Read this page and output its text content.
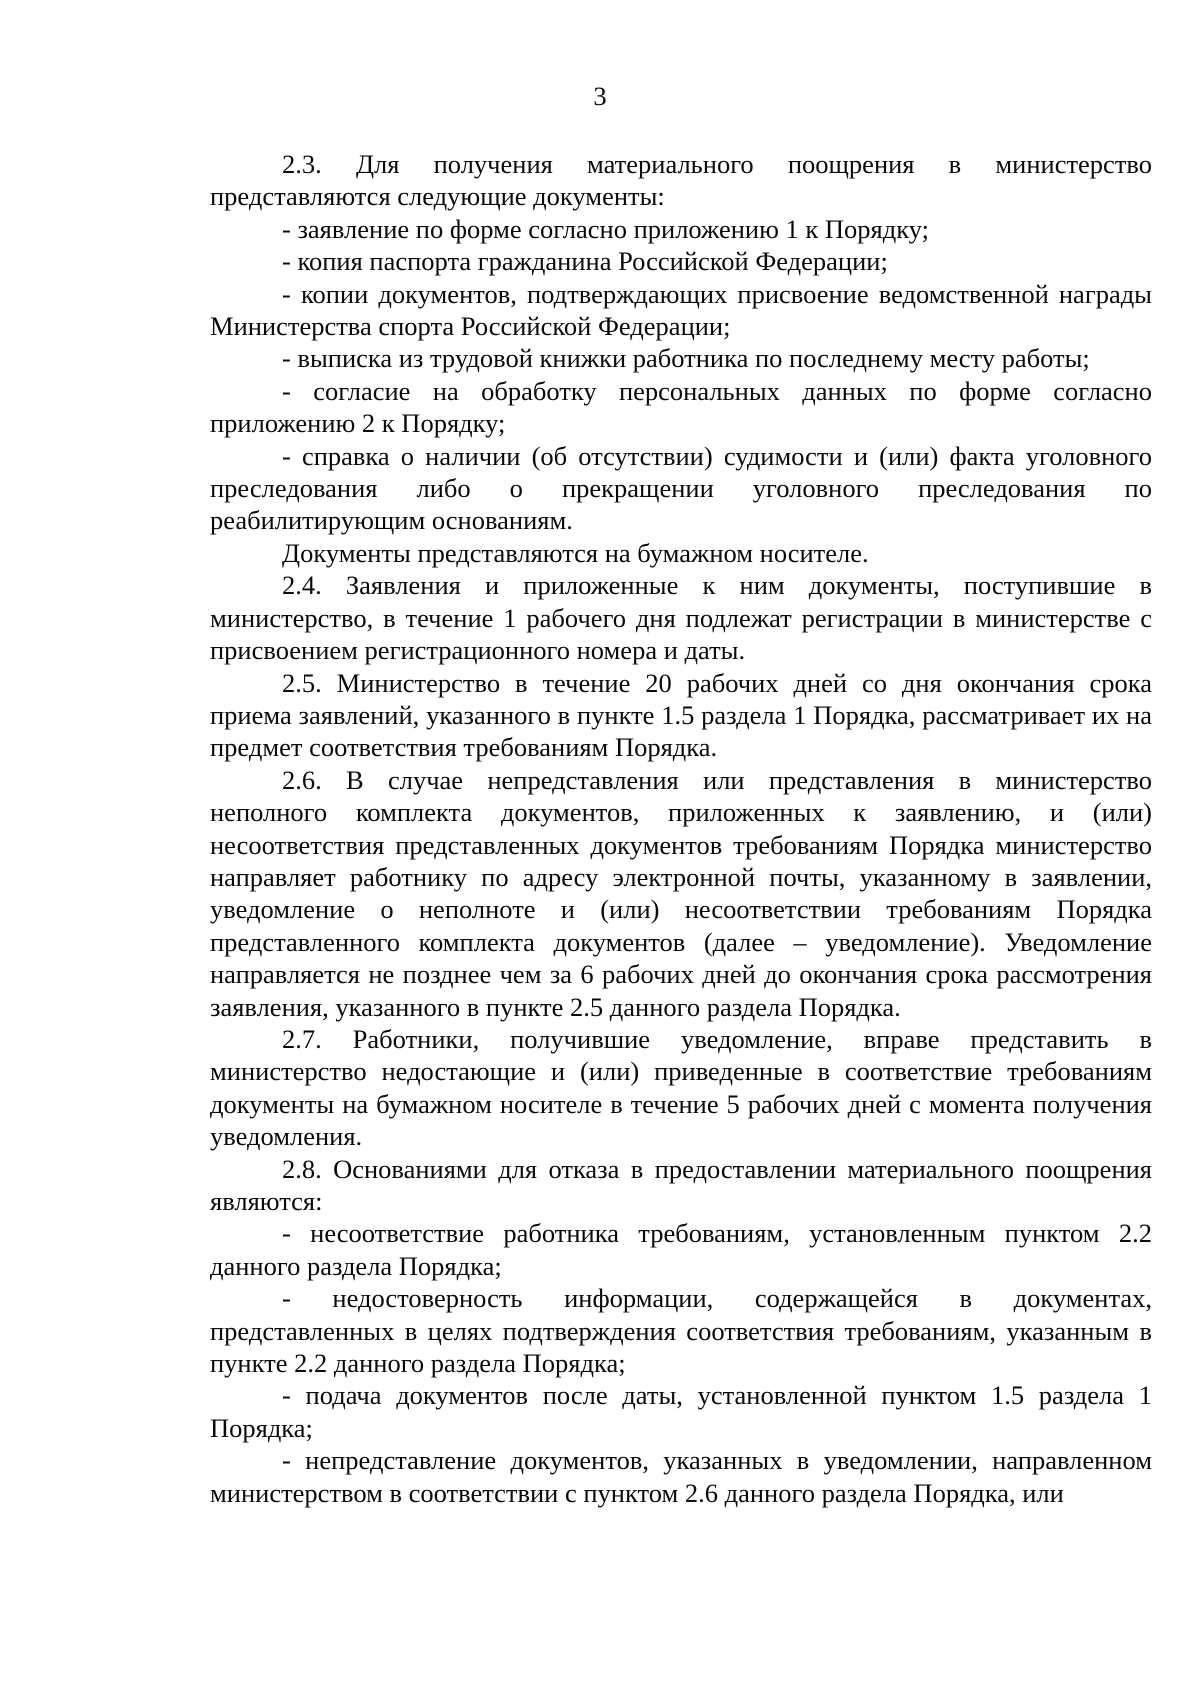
3

2.3. Для получения материального поощрения в министерство представляются следующие документы:

- заявление по форме согласно приложению 1 к Порядку;

- копия паспорта гражданина Российской Федерации;

- копии документов, подтверждающих присвоение ведомственной награды Министерства спорта Российской Федерации;

- выписка из трудовой книжки работника по последнему месту работы;

- согласие на обработку персональных данных по форме согласно приложению 2 к Порядку;

- справка о наличии (об отсутствии) судимости и (или) факта уголовного преследования либо о прекращении уголовного преследования по реабилитирующим основаниям.

Документы представляются на бумажном носителе.

2.4. Заявления и приложенные к ним документы, поступившие в министерство, в течение 1 рабочего дня подлежат регистрации в министерстве с присвоением регистрационного номера и даты.

2.5. Министерство в течение 20 рабочих дней со дня окончания срока приема заявлений, указанного в пункте 1.5 раздела 1 Порядка, рассматривает их на предмет соответствия требованиям Порядка.

2.6. В случае непредставления или представления в министерство неполного комплекта документов, приложенных к заявлению, и (или) несоответствия представленных документов требованиям Порядка министерство направляет работнику по адресу электронной почты, указанному в заявлении, уведомление о неполноте и (или) несоответствии требованиям Порядка представленного комплекта документов (далее – уведомление). Уведомление направляется не позднее чем за 6 рабочих дней до окончания срока рассмотрения заявления, указанного в пункте 2.5 данного раздела Порядка.

2.7. Работники, получившие уведомление, вправе представить в министерство недостающие и (или) приведенные в соответствие требованиям документы на бумажном носителе в течение 5 рабочих дней с момента получения уведомления.

2.8. Основаниями для отказа в предоставлении материального поощрения являются:

- несоответствие работника требованиям, установленным пунктом 2.2 данного раздела Порядка;

- недостоверность информации, содержащейся в документах, представленных в целях подтверждения соответствия требованиям, указанным в пункте 2.2 данного раздела Порядка;

- подача документов после даты, установленной пунктом 1.5 раздела 1 Порядка;

- непредставление документов, указанных в уведомлении, направленном министерством в соответствии с пунктом 2.6 данного раздела Порядка, или
